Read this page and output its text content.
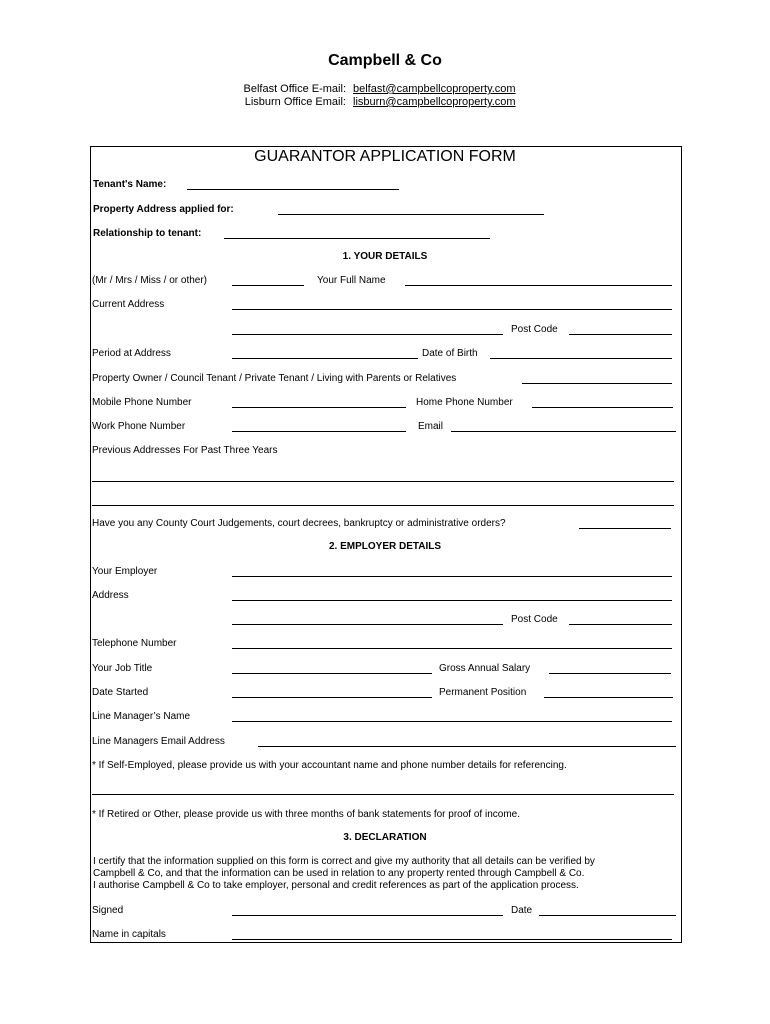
Campbell & Co
Belfast Office E-mail: belfast@campbellcoproperty.com
Lisburn Office Email: lisburn@campbellcoproperty.com
GUARANTOR APPLICATION FORM
Tenant's Name:
Property Address applied for:
Relationship to tenant:
1. YOUR DETAILS
(Mr / Mrs / Miss / or other)	Your Full Name
Current Address
Post Code
Period at Address	Date of Birth
Property Owner / Council Tenant / Private Tenant / Living with Parents or Relatives
Mobile Phone Number	Home Phone Number
Work Phone Number	Email
Previous Addresses For Past Three Years
Have you any County Court Judgements, court decrees, bankruptcy or administrative orders?
2. EMPLOYER DETAILS
Your Employer
Address
Post Code
Telephone Number
Your Job Title	Gross Annual Salary
Date Started	Permanent Position
Line Manager’s Name
Line Managers Email Address
* If Self-Employed, please provide us with your accountant name and phone number details for referencing.
* If Retired or Other, please provide us with three months of bank statements for proof of income.
3. DECLARATION
I certify that the information supplied on this form is correct and give my authority that all details can be verified by
Campbell & Co, and that the information can be used in relation to any property rented through Campbell & Co.
I authorise Campbell & Co to take employer, personal and credit references as part of the application process.
Signed	Date
Name in capitals
